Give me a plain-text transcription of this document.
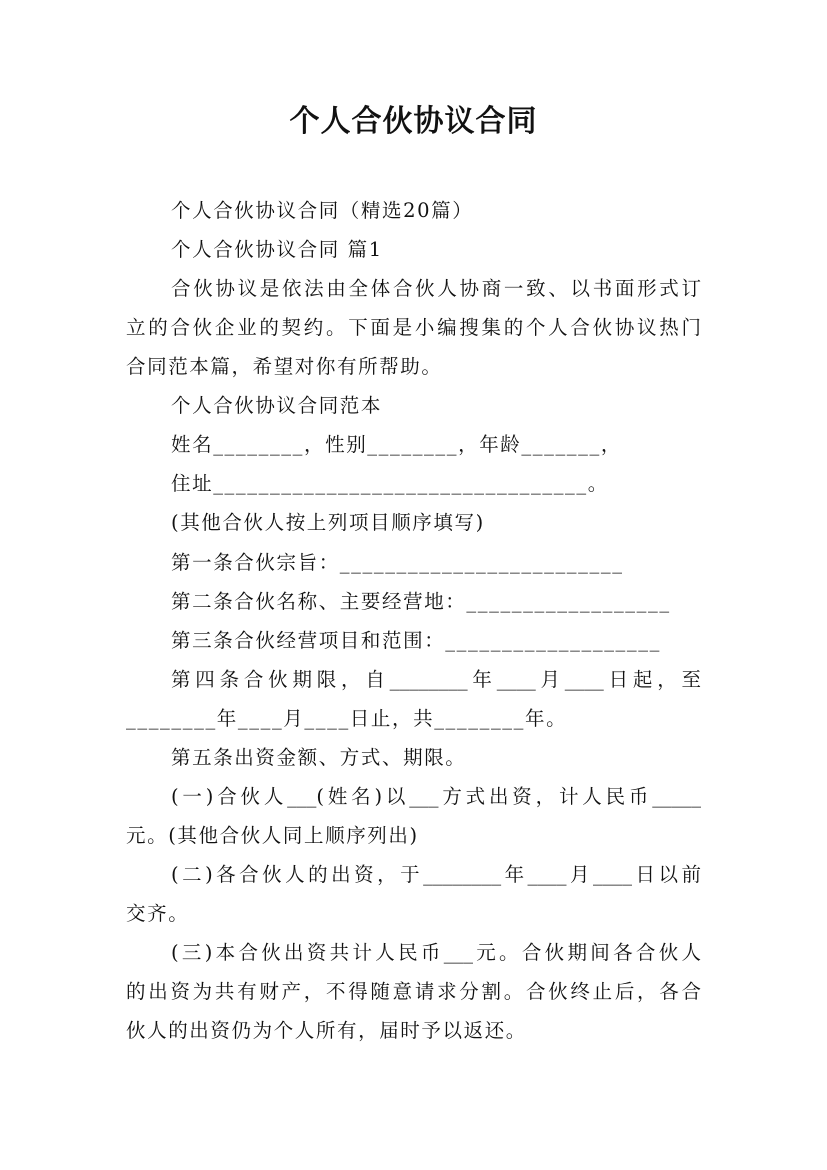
个人合伙协议合同
个人合伙协议合同（精选20篇）
个人合伙协议合同 篇1
合伙协议是依法由全体合伙人协商一致、以书面形式订
立的合伙企业的契约。下面是小编搜集的个人合伙协议热门
合同范本篇，希望对你有所帮助。
个人合伙协议合同范本
姓名________，性别________，年龄_______，
住址_________________________________。
(其他合伙人按上列项目顺序填写)
第一条合伙宗旨：_________________________
第二条合伙名称、主要经营地：__________________
第三条合伙经营项目和范围：___________________
第四条合伙期限，自________年____月____日起，至
________年____月____日止，共________年。
第五条出资金额、方式、期限。
(一)合伙人___(姓名)以___方式出资，计人民币_____
元。(其他合伙人同上顺序列出)
(二)各合伙人的出资，于________年____月____日以前
交齐。
(三)本合伙出资共计人民币___元。合伙期间各合伙人
的出资为共有财产，不得随意请求分割。合伙终止后，各合
伙人的出资仍为个人所有，届时予以返还。
